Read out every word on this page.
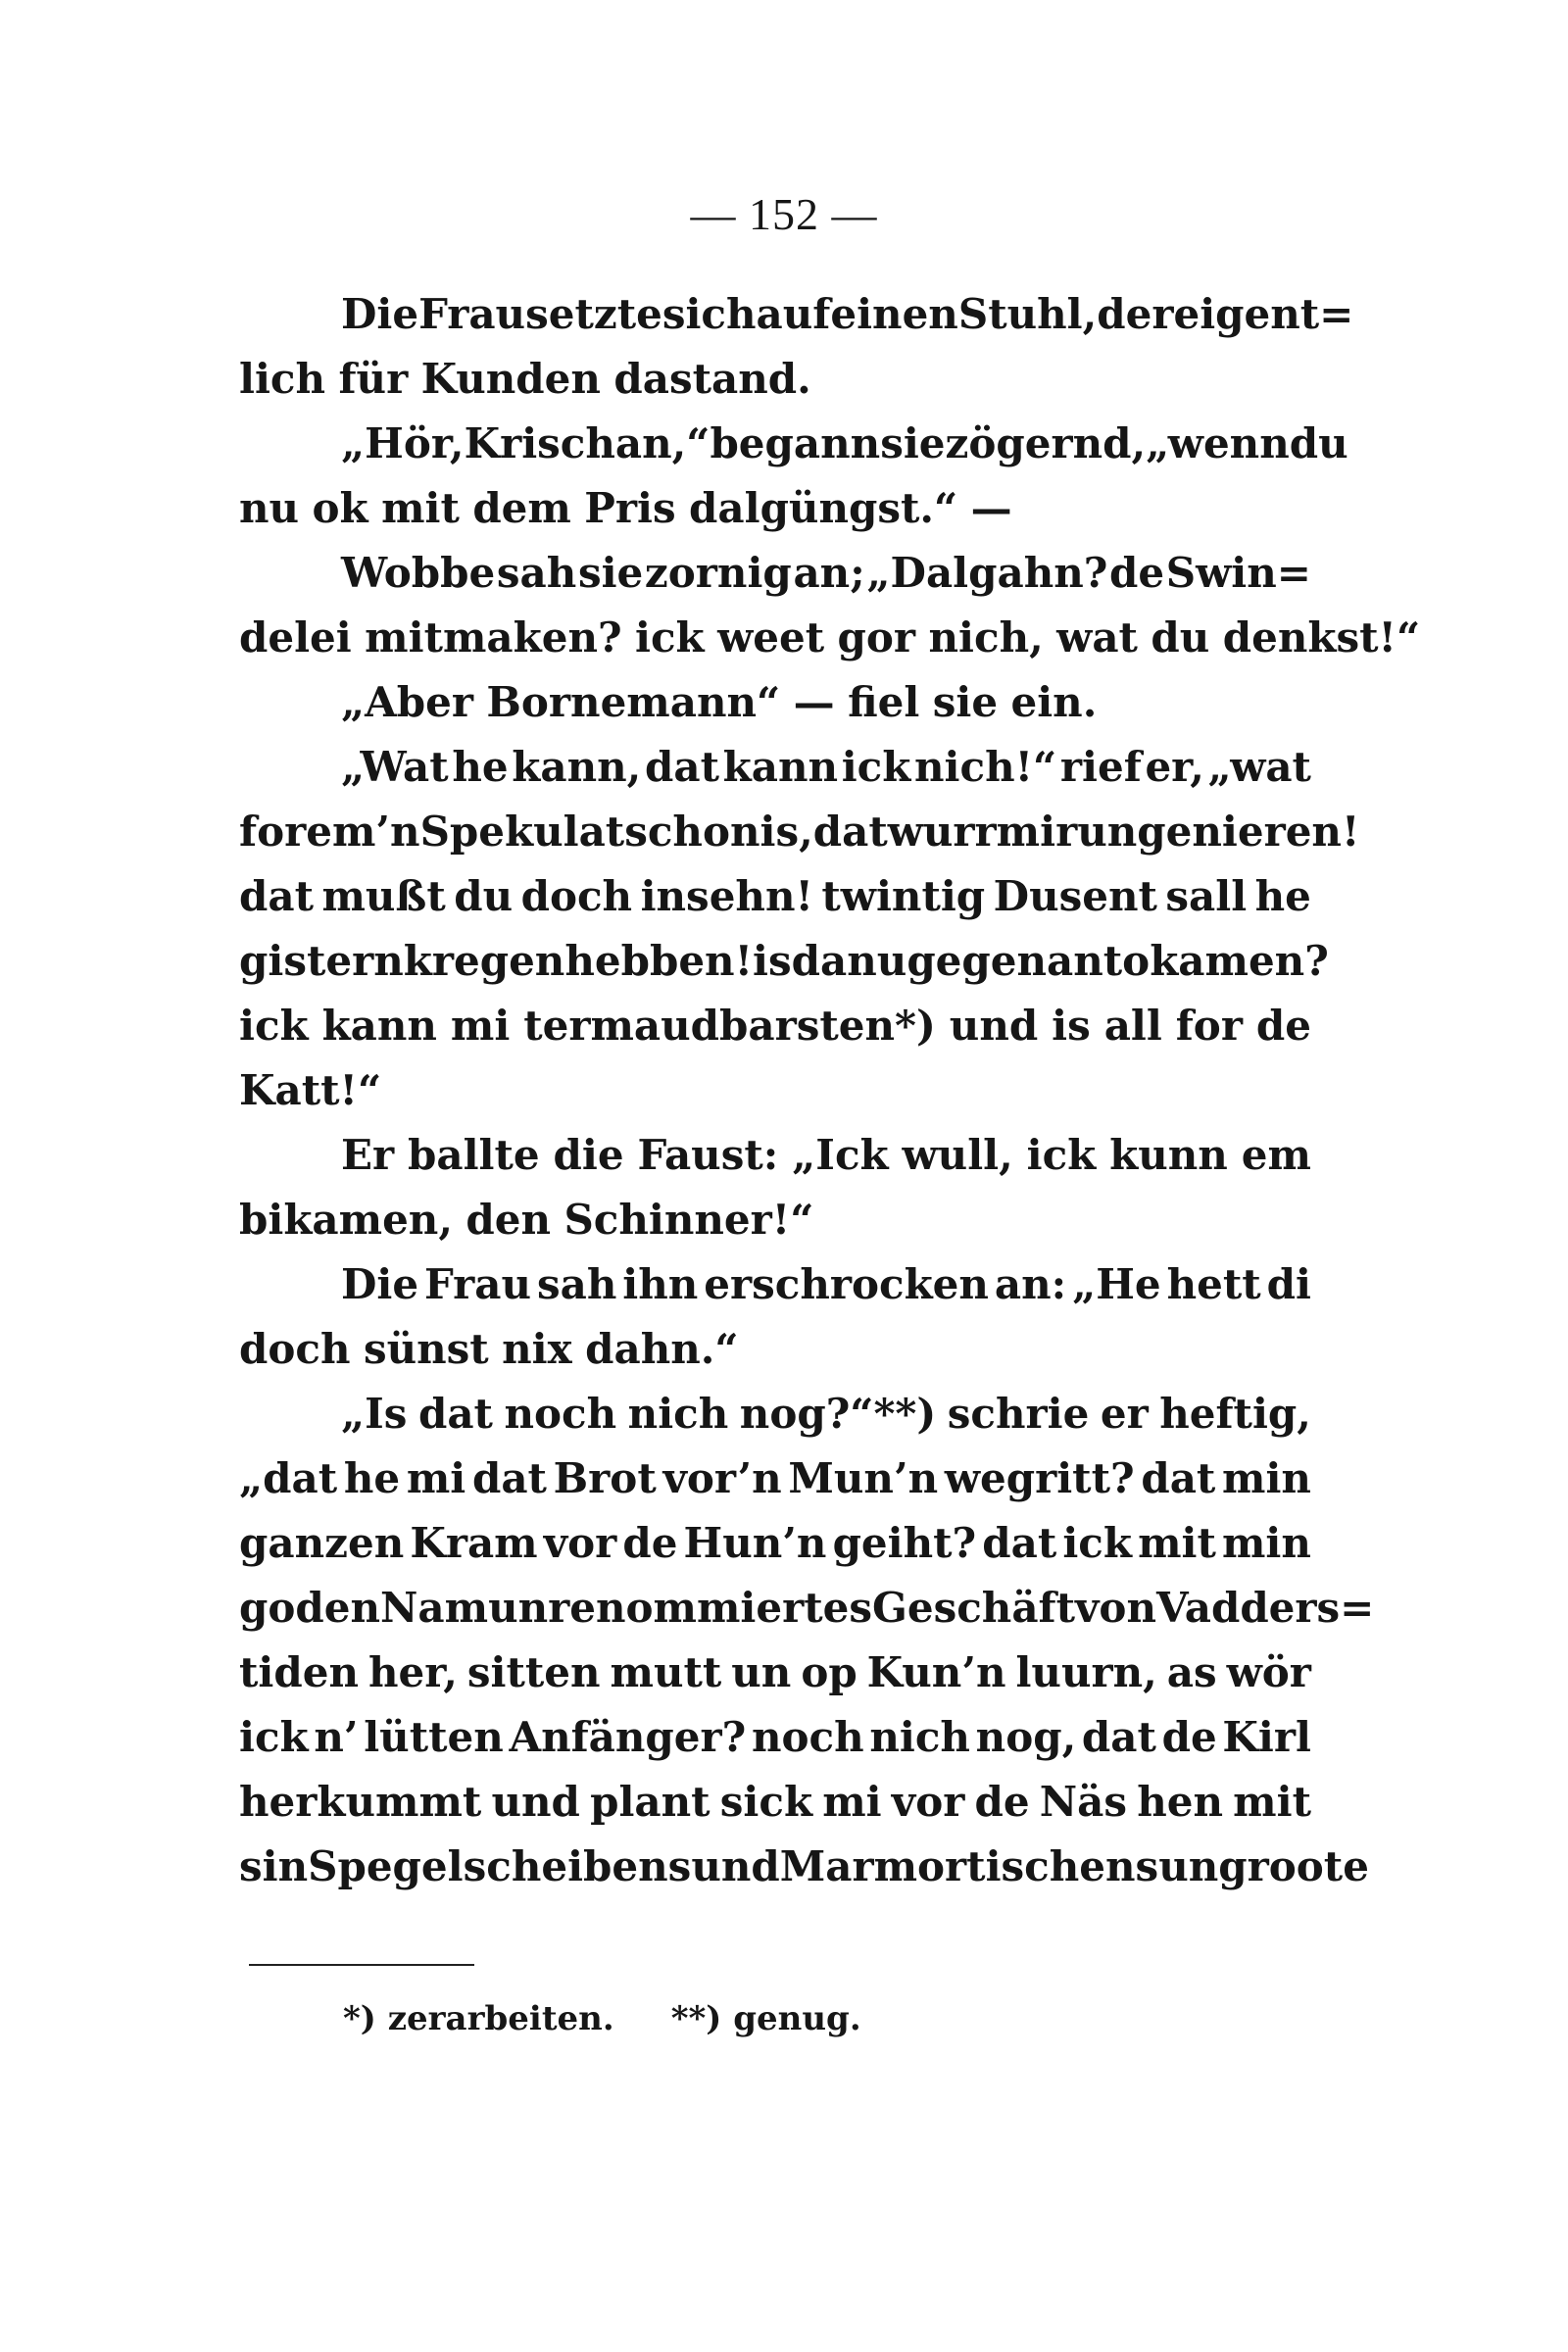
— 152 —
Die Frau setzte sich auf einen Stuhl, der eigent=
lich für Kunden dastand.
„Hör, Krischan,“ begann sie zögernd, „wenn du
nu ok mit dem Pris dalgüngst.“ —
Wobbe sah sie zornig an; „Dalgahn? de Swin=
delei mitmaken? ick weet gor nich, wat du denkst!“
„Aber Bornemann“ — fiel sie ein.
„Wat he kann, dat kann ick nich!“ rief er, „wat
for em ’n Spekulatschon is, dat wurr mi rungenieren!
dat mußt du doch insehn! twintig Dusent sall he
gistern kregen hebben! is da nu gegen an to kamen?
ick kann mi termaudbarsten*) und is all for de
Katt!“
Er ballte die Faust: „Ick wull, ick kunn em
bikamen, den Schinner!“
Die Frau sah ihn erschrocken an: „He hett di
doch sünst nix dahn.“
„Is dat noch nich nog?“**) schrie er heftig,
„dat he mi dat Brot vor’n Mun’n wegritt? dat min
ganzen Kram vor de Hun’n geiht? dat ick mit min
goden Nam un renommiertes Geschäft von Vadders=
tiden her, sitten mutt un op Kun’n luurn, as wör
ick n’ lütten Anfänger? noch nich nog, dat de Kirl
herkummt und plant sick mi vor de Näs hen mit
sin Spegelscheibens und Marmortischens un groote
*) zerarbeiten. **) genug.
